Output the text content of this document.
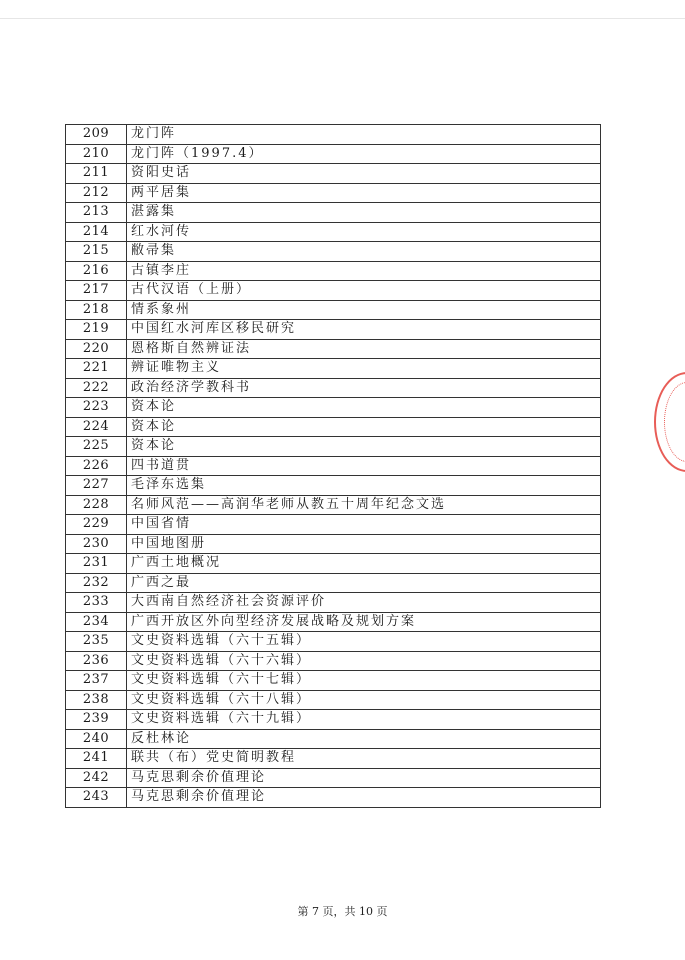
209	龙门阵
210	龙门阵（1997.4）
211	资阳史话
212	两平居集
213	湛露集
214	红水河传
215	敝帚集
216	古镇李庄
217	古代汉语（上册）
218	情系象州
219	中国红水河库区移民研究
220	恩格斯自然辨证法
221	辨证唯物主义
222	政治经济学教科书
223	资本论
224	资本论
225	资本论
226	四书道贯
227	毛泽东选集
228	名师风范——高润华老师从教五十周年纪念文选
229	中国省情
230	中国地图册
231	广西土地概况
232	广西之最
233	大西南自然经济社会资源评价
234	广西开放区外向型经济发展战略及规划方案
235	文史资料选辑（六十五辑）
236	文史资料选辑（六十六辑）
237	文史资料选辑（六十七辑）
238	文史资料选辑（六十八辑）
239	文史资料选辑（六十九辑）
240	反杜林论
241	联共（布）党史简明教程
242	马克思剩余价值理论
243	马克思剩余价值理论
第 7 页，共 10 页
